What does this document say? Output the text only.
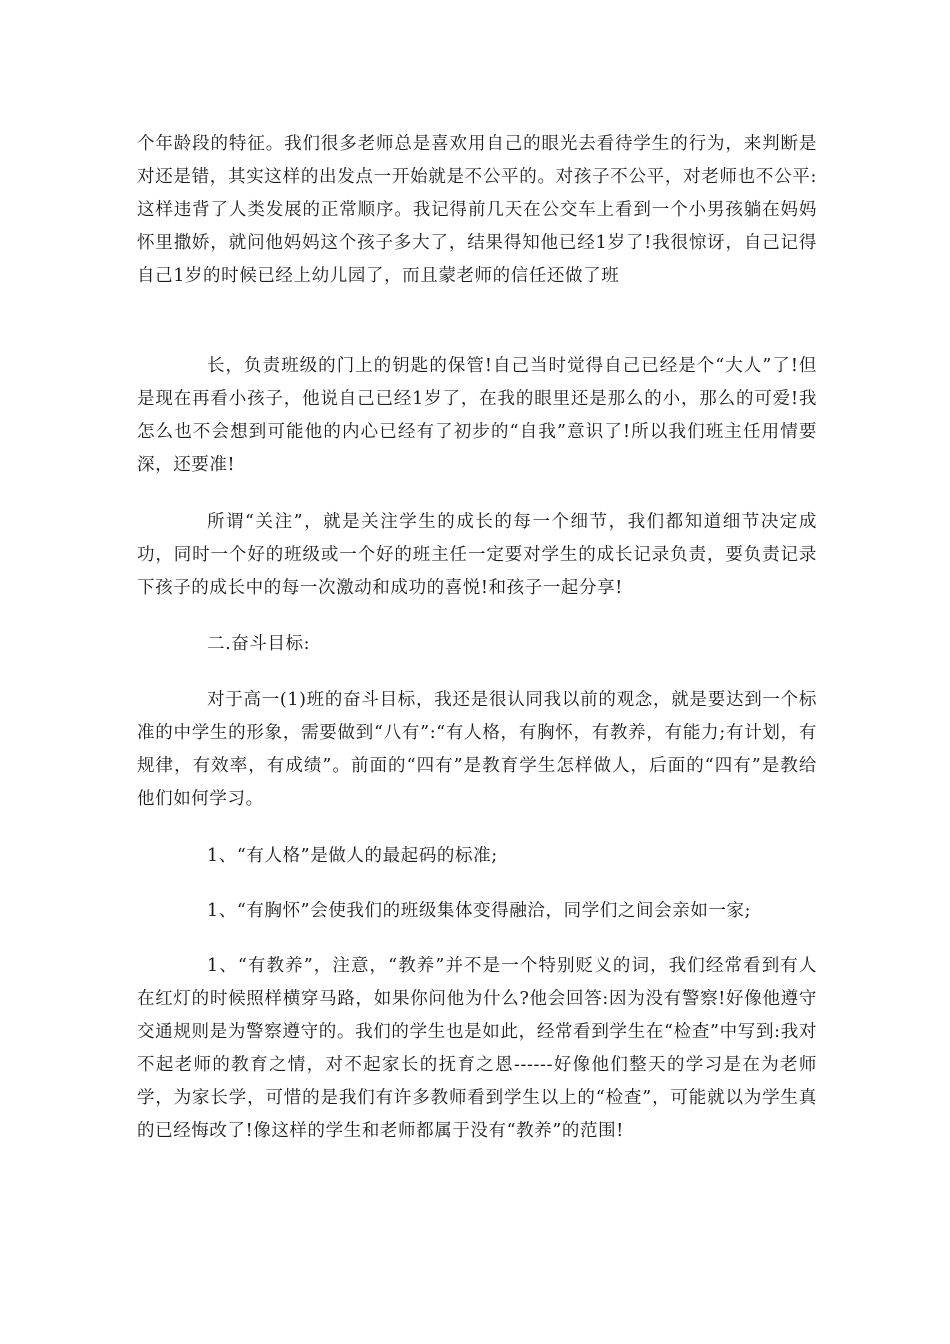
个年龄段的特征。我们很多老师总是喜欢用自己的眼光去看待学生的行为，来判断是对还是错，其实这样的出发点一开始就是不公平的。对孩子不公平，对老师也不公平:这样违背了人类发展的正常顺序。我记得前几天在公交车上看到一个小男孩躺在妈妈怀里撒娇，就问他妈妈这个孩子多大了，结果得知他已经1岁了!我很惊讶，自己记得自己1岁的时候已经上幼儿园了，而且蒙老师的信任还做了班

长，负责班级的门上的钥匙的保管!自己当时觉得自己已经是个“大人”了!但是现在再看小孩子，他说自己已经1岁了，在我的眼里还是那么的小，那么的可爱!我怎么也不会想到可能他的内心已经有了初步的“自我”意识了!所以我们班主任用情要深，还要准!

所谓“关注”，就是关注学生的成长的每一个细节，我们都知道细节决定成功，同时一个好的班级或一个好的班主任一定要对学生的成长记录负责，要负责记录下孩子的成长中的每一次激动和成功的喜悦!和孩子一起分享!

二.奋斗目标:

对于高一(1)班的奋斗目标，我还是很认同我以前的观念，就是要达到一个标准的中学生的形象，需要做到“八有”:“有人格，有胸怀，有教养，有能力;有计划，有规律，有效率，有成绩”。前面的“四有”是教育学生怎样做人，后面的“四有”是教给他们如何学习。

1、“有人格”是做人的最起码的标准;

1、“有胸怀”会使我们的班级集体变得融洽，同学们之间会亲如一家;

1、“有教养”，注意，“教养”并不是一个特别贬义的词，我们经常看到有人在红灯的时候照样横穿马路，如果你问他为什么?他会回答:因为没有警察!好像他遵守交通规则是为警察遵守的。我们的学生也是如此，经常看到学生在“检查”中写到:我对不起老师的教育之情，对不起家长的抚育之恩------好像他们整天的学习是在为老师学，为家长学，可惜的是我们有许多教师看到学生以上的“检查”，可能就以为学生真的已经悔改了!像这样的学生和老师都属于没有“教养”的范围!
